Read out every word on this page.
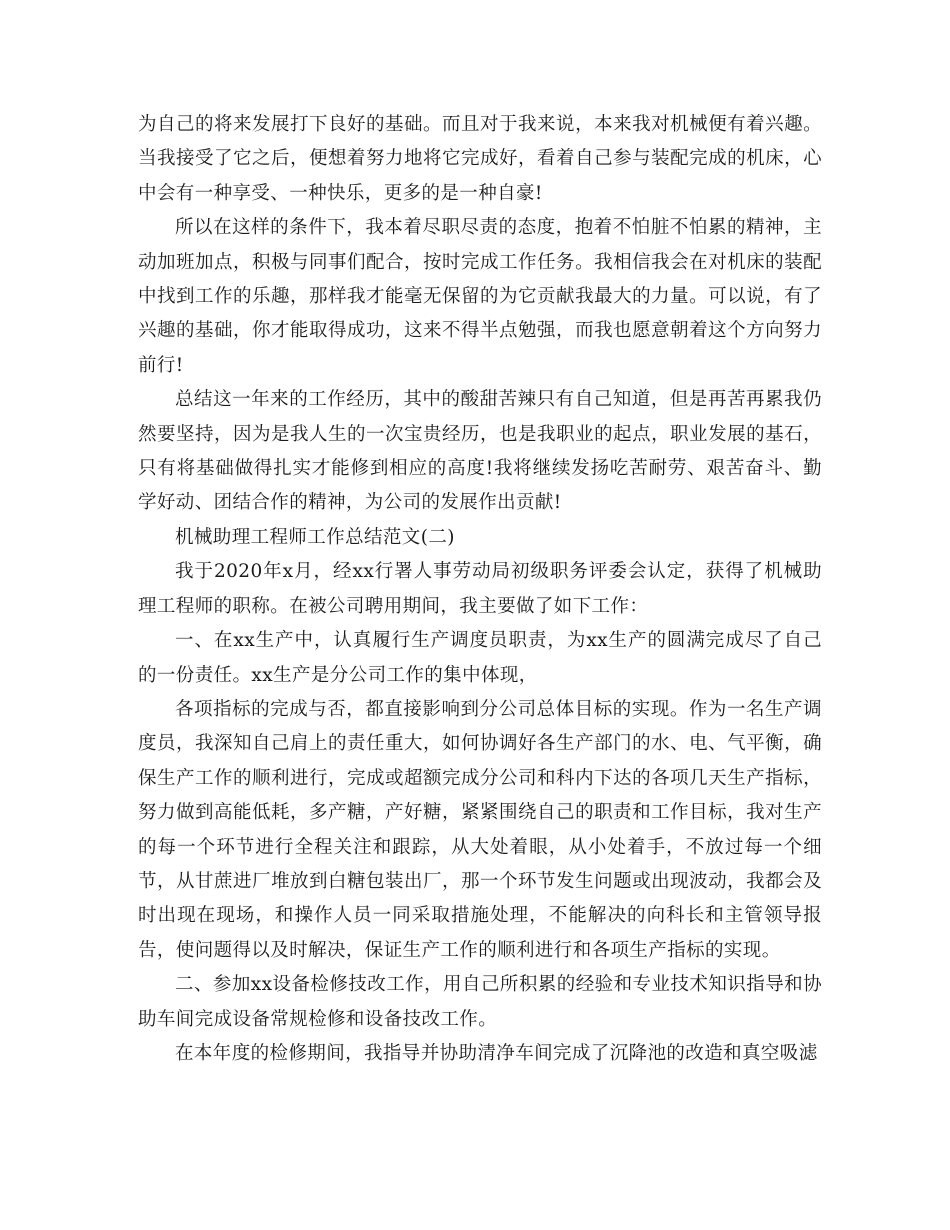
为自己的将来发展打下良好的基础。而且对于我来说，本来我对机械便有着兴趣。当我接受了它之后，便想着努力地将它完成好，看着自己参与装配完成的机床，心中会有一种享受、一种快乐，更多的是一种自豪!

所以在这样的条件下，我本着尽职尽责的态度，抱着不怕脏不怕累的精神，主动加班加点，积极与同事们配合，按时完成工作任务。我相信我会在对机床的装配中找到工作的乐趣，那样我才能毫无保留的为它贡献我最大的力量。可以说，有了兴趣的基础，你才能取得成功，这来不得半点勉强，而我也愿意朝着这个方向努力前行!

总结这一年来的工作经历，其中的酸甜苦辣只有自己知道，但是再苦再累我仍然要坚持，因为是我人生的一次宝贵经历，也是我职业的起点，职业发展的基石，只有将基础做得扎实才能修到相应的高度!我将继续发扬吃苦耐劳、艰苦奋斗、勤学好动、团结合作的精神，为公司的发展作出贡献!

机械助理工程师工作总结范文(二)

我于2020年x月，经xx行署人事劳动局初级职务评委会认定，获得了机械助理工程师的职称。在被公司聘用期间，我主要做了如下工作：

一、在xx生产中，认真履行生产调度员职责，为xx生产的圆满完成尽了自己的一份责任。xx生产是分公司工作的集中体现，

各项指标的完成与否，都直接影响到分公司总体目标的实现。作为一名生产调度员，我深知自己肩上的责任重大，如何协调好各生产部门的水、电、气平衡，确保生产工作的顺利进行，完成或超额完成分公司和科内下达的各项几天生产指标，努力做到高能低耗，多产糖，产好糖，紧紧围绕自己的职责和工作目标，我对生产的每一个环节进行全程关注和跟踪，从大处着眼，从小处着手，不放过每一个细节，从甘蔗进厂堆放到白糖包装出厂，那一个环节发生问题或出现波动，我都会及时出现在现场，和操作人员一同采取措施处理，不能解决的向科长和主管领导报告，使问题得以及时解决，保证生产工作的顺利进行和各项生产指标的实现。

二、参加xx设备检修技改工作，用自己所积累的经验和专业技术知识指导和协助车间完成设备常规检修和设备技改工作。

在本年度的检修期间，我指导并协助清净车间完成了沉降池的改造和真空吸滤
